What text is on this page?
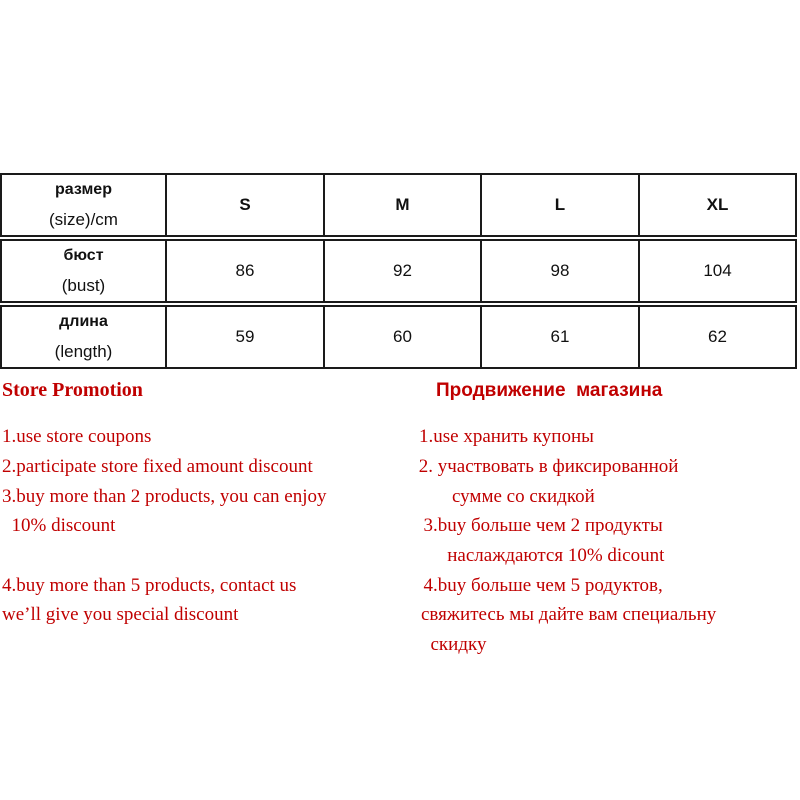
размер
(size)/cm	S	M	L	XL

бюст
(bust)	86	92	98	104

длина
(length)	59	60	61	62
Store Promotion
1.use store coupons
2.participate store fixed amount discount
3.buy more than 2 products, you can enjoy
10% discount
4.buy more than 5 products, contact us
we’ll give you special discount
Продвижение  магазина
1.use хранить купоны
2. участвовать в фиксированной
сумме со скидкой
3.buy больше чем 2 продукты
наслаждаются 10% dicount
4.buy больше чем 5 родуктов,
свяжитесь мы дайте вам специальну
скидку
